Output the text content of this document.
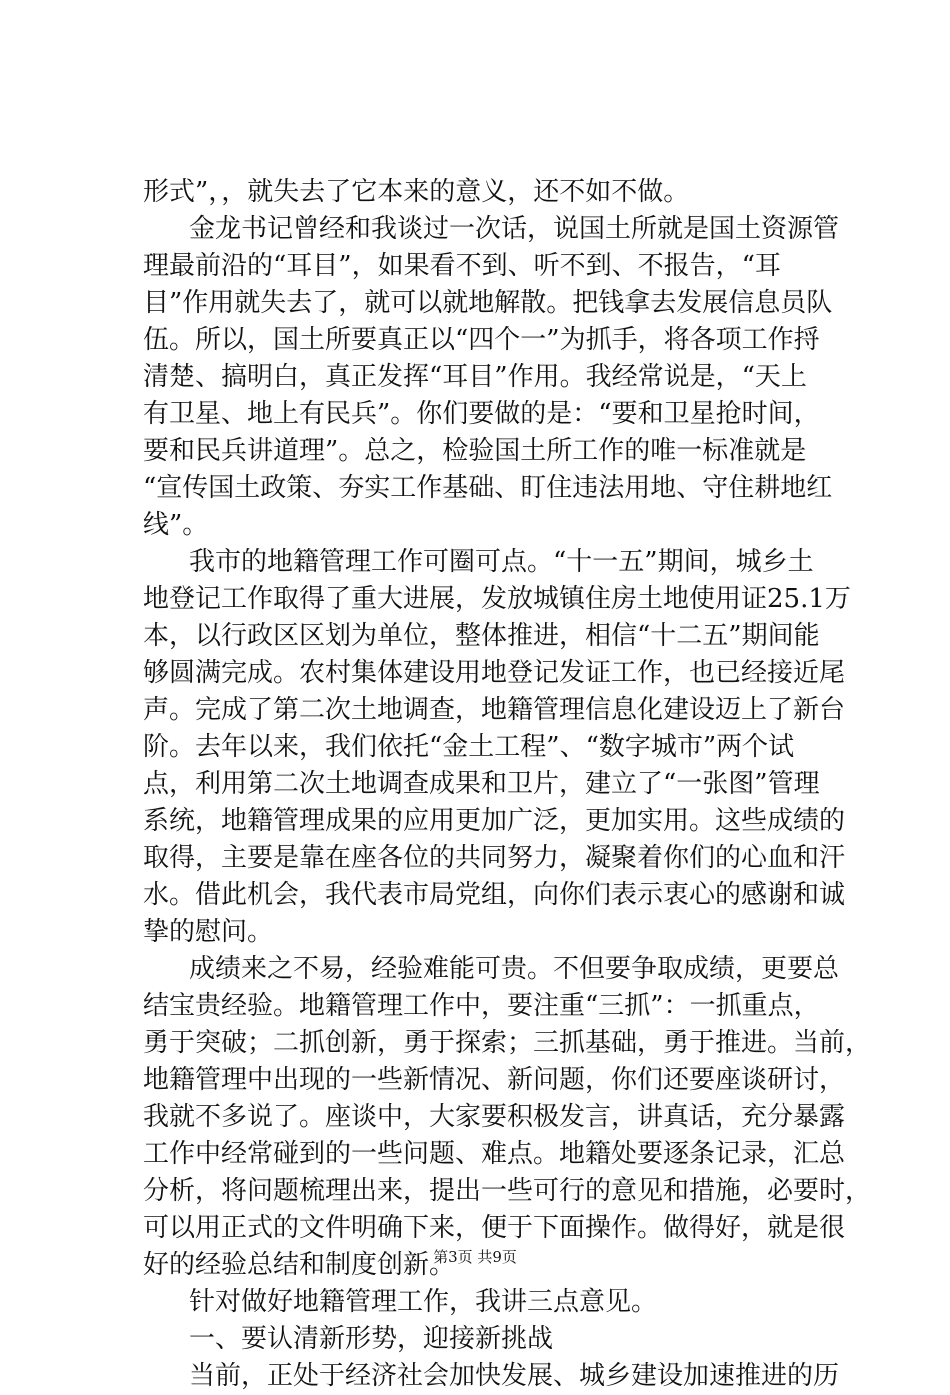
形式”，，就失去了它本来的意义，还不如不做。
金龙书记曾经和我谈过一次话，说国土所就是国土资源管
理最前沿的“耳目”，如果看不到、听不到、不报告，“耳
目”作用就失去了，就可以就地解散。把钱拿去发展信息员队
伍。所以，国土所要真正以“四个一”为抓手，将各项工作捋
清楚、搞明白，真正发挥“耳目”作用。我经常说是，“天上
有卫星、地上有民兵”。你们要做的是：“要和卫星抢时间，
要和民兵讲道理”。总之，检验国土所工作的唯一标准就是
“宣传国土政策、夯实工作基础、盯住违法用地、守住耕地红
线”。
我市的地籍管理工作可圈可点。“十一五”期间，城乡土
地登记工作取得了重大进展，发放城镇住房土地使用证25.1万
本，以行政区区划为单位，整体推进，相信“十二五”期间能
够圆满完成。农村集体建设用地登记发证工作，也已经接近尾
声。完成了第二次土地调查，地籍管理信息化建设迈上了新台
阶。去年以来，我们依托“金土工程”、“数字城市”两个试
点，利用第二次土地调查成果和卫片，建立了“一张图”管理
系统，地籍管理成果的应用更加广泛，更加实用。这些成绩的
取得，主要是靠在座各位的共同努力，凝聚着你们的心血和汗
水。借此机会，我代表市局党组，向你们表示衷心的感谢和诚
挚的慰问。
成绩来之不易，经验难能可贵。不但要争取成绩，更要总
结宝贵经验。地籍管理工作中，要注重“三抓”：一抓重点，
勇于突破；二抓创新，勇于探索；三抓基础，勇于推进。当前，
地籍管理中出现的一些新情况、新问题，你们还要座谈研讨，
我就不多说了。座谈中，大家要积极发言，讲真话，充分暴露
工作中经常碰到的一些问题、难点。地籍处要逐条记录，汇总
分析，将问题梳理出来，提出一些可行的意见和措施，必要时，
可以用正式的文件明确下来，便于下面操作。做得好，就是很
好的经验总结和制度创新。
针对做好地籍管理工作，我讲三点意见。
一、要认清新形势，迎接新挑战
当前，正处于经济社会加快发展、城乡建设加速推进的历
第3页 共9页
